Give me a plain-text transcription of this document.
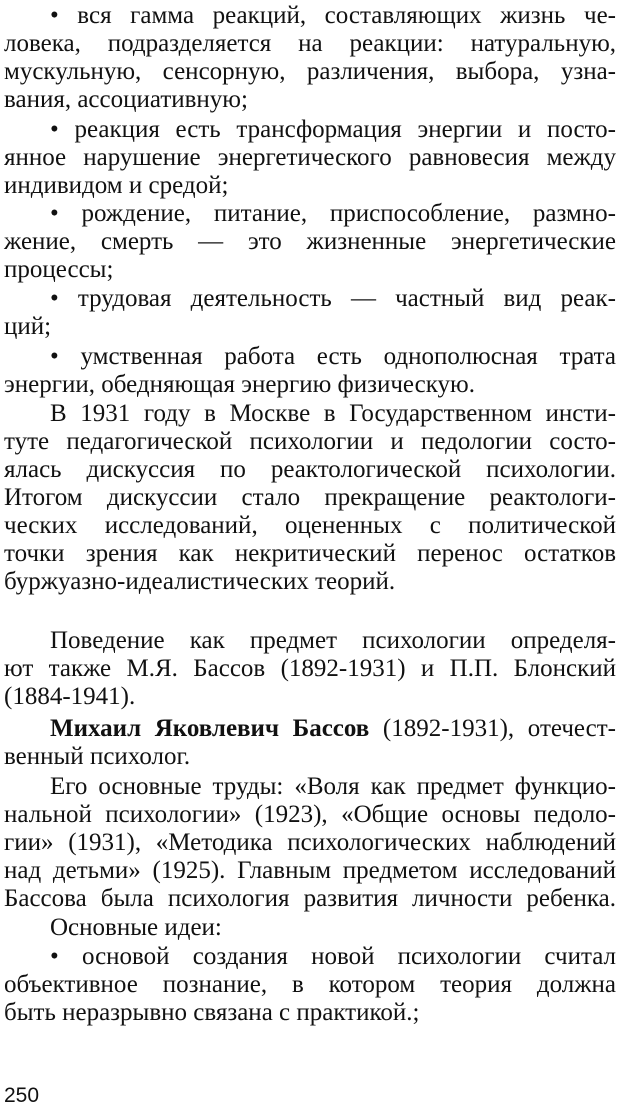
• вся гамма реакций, составляющих жизнь че-
ловека, подразделяется на реакции: натуральную,
мускульную, сенсорную, различения, выбора, узна-
вания, ассоциативную;
• реакция есть трансформация энергии и посто-
янное нарушение энергетического равновесия между
индивидом и средой;
• рождение, питание, приспособление, размно-
жение, смерть — это жизненные энергетические
процессы;
• трудовая деятельность — частный вид реак-
ций;
• умственная работа есть однополюсная трата
энергии, обедняющая энергию физическую.
В 1931 году в Москве в Государственном инсти-
туте педагогической психологии и педологии состо-
ялась дискуссия по реактологической психологии.
Итогом дискуссии стало прекращение реактологи-
ческих исследований, оцененных с политической
точки зрения как некритический перенос остатков
буржуазно-идеалистических теорий.
Поведение как предмет психологии определя-
ют также М.Я. Бассов (1892-1931) и П.П. Блонский
(1884-1941).
Михаил Яковлевич Бассов (1892-1931), отечест-
венный психолог.
Его основные труды: «Воля как предмет функцио-
нальной психологии» (1923), «Общие основы педоло-
гии» (1931), «Методика психологических наблюдений
над детьми» (1925). Главным предметом исследований
Бассова была психология развития личности ребенка.
Основные идеи:
• основой создания новой психологии считал
объективное познание, в котором теория должна
быть неразрывно связана с практикой.;
250
